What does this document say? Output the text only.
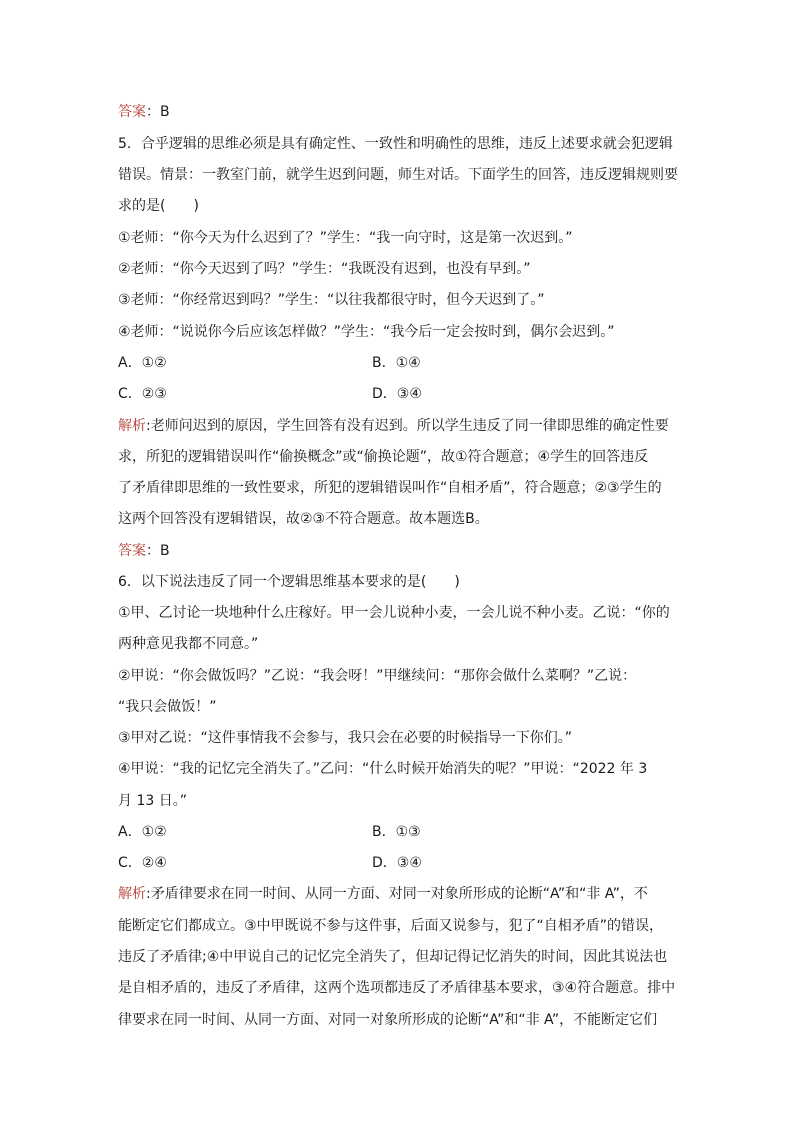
答案：B
5．合乎逻辑的思维必须是具有确定性、一致性和明确性的思维，违反上述要求就会犯逻辑
错误。情景：一教室门前，就学生迟到问题，师生对话。下面学生的回答，违反逻辑规则要
求的是(　　)
①老师：“你今天为什么迟到了？”学生：“我一向守时，这是第一次迟到。”
②老师：“你今天迟到了吗？”学生：“我既没有迟到，也没有早到。”
③老师：“你经常迟到吗？”学生：“以往我都很守时，但今天迟到了。”
④老师：“说说你今后应该怎样做？”学生：“我今后一定会按时到，偶尔会迟到。”
A．①②	B．①④
C．②③	D．③④
解析:老师问迟到的原因，学生回答有没有迟到。所以学生违反了同一律即思维的确定性要
求，所犯的逻辑错误叫作“偷换概念”或“偷换论题”，故①符合题意；④学生的回答违反
了矛盾律即思维的一致性要求，所犯的逻辑错误叫作“自相矛盾”，符合题意；②③学生的
这两个回答没有逻辑错误，故②③不符合题意。故本题选B。
答案：B
6．以下说法违反了同一个逻辑思维基本要求的是(　　)
①甲、乙讨论一块地种什么庄稼好。甲一会儿说种小麦，一会儿说不种小麦。乙说：“你的
两种意见我都不同意。”
②甲说：“你会做饭吗？”乙说：“我会呀！”甲继续问：“那你会做什么菜啊？”乙说：
“我只会做饭！”
③甲对乙说：“这件事情我不会参与，我只会在必要的时候指导一下你们。”
④甲说：“我的记忆完全消失了。”乙问：“什么时候开始消失的呢？”甲说：“2022 年 3
月 13 日。”
A．①②	B．①③
C．②④	D．③④
解析:矛盾律要求在同一时间、从同一方面、对同一对象所形成的论断“A”和“非 A”，不
能断定它们都成立。③中甲既说不参与这件事，后面又说参与，犯了“自相矛盾”的错误，
违反了矛盾律;④中甲说自己的记忆完全消失了，但却记得记忆消失的时间，因此其说法也
是自相矛盾的，违反了矛盾律，这两个选项都违反了矛盾律基本要求，③④符合题意。排中
律要求在同一时间、从同一方面、对同一对象所形成的论断“A”和“非 A”，不能断定它们
